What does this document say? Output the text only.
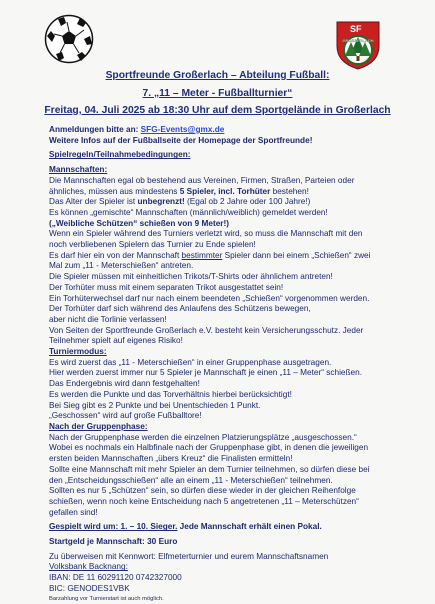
SF
GROSSERLACH
Sportfreunde Großerlach – Abteilung Fußball:
7. „11 – Meter - Fußballturnier“
Freitag, 04. Juli 2025 ab 18:30 Uhr auf dem Sportgelände in Großerlach

Anmeldungen bitte an: SFG-Events@gmx.de

Weitere Infos auf der Fußballseite der Homepage der Sportfreunde!

Spielregeln/Teilnahmebedingungen:

Mannschaften:

Die Mannschaften egal ob bestehend aus Vereinen, Firmen, Straßen, Parteien oder

ähnliches, müssen aus mindestens 5 Spieler, incl. Torhüter bestehen!

Das Alter der Spieler ist unbegrenzt! (Egal ob 2 Jahre oder 100 Jahre!)

Es können „gemischte“ Mannschaften (männlich/weiblich) gemeldet werden!

(„Weibliche Schützen“ schießen von 9 Meter!)

Wenn ein Spieler während des Turniers verletzt wird, so muss die Mannschaft mit den

noch verbliebenen Spielern das Turnier zu Ende spielen!

Es darf hier ein von der Mannschaft bestimmter Spieler dann bei einem „Schießen“ zwei

Mal zum „11 - Meterschießen“ antreten.

Die Spieler müssen mit einheitlichen Trikots/T-Shirts oder ähnlichem antreten!

Der Torhüter muss mit einem separaten Trikot ausgestattet sein!

Ein Torhüterwechsel darf nur nach einem beendeten „Schießen“ vorgenommen werden.

Der Torhüter darf sich während des Anlaufens des Schützens bewegen,

aber nicht die Torlinie verlassen!

Von Seiten der Sportfreunde Großerlach e.V. besteht kein Versicherungsschutz. Jeder

Teilnehmer spielt auf eigenes Risiko!

Turniermodus:

Es wird zuerst das „11 - Meterschießen“ in einer Gruppenphase ausgetragen.

Hier werden zuerst immer nur 5 Spieler je Mannschaft je einen „11 – Meter“ schießen.

Das Endergebnis wird dann festgehalten!

Es werden die Punkte und das Torverhältnis hierbei berücksichtigt!

Bei Sieg gibt es 2 Punkte und bei Unentschieden 1 Punkt.

„Geschossen“ wird auf große Fußballtore!

Nach der Gruppenphase:

Nach der Gruppenphase werden die einzelnen Platzierungsplätze „ausgeschossen.“

Wobei es nochmals ein Halbfinale nach der Gruppenphase gibt, in denen die jeweiligen

ersten beiden Mannschaften „übers Kreuz“ die Finalisten ermitteln!

Sollte eine Mannschaft mit mehr Spieler an dem Turnier teilnehmen, so dürfen diese bei

den „Entscheidungsschießen“ alle an einem „11 - Meterschießen“ teilnehmen.

Sollten es nur 5 „Schützen“ sein, so dürfen diese wieder in der gleichen Reihenfolge

schießen, wenn noch keine Entscheidung nach 5 angetretenen „11 – Meterschützen“

gefallen sind!

Gespielt wird um: 1. – 10. Sieger. Jede Mannschaft erhält einen Pokal.

Startgeld je Mannschaft: 30 Euro

Zu überweisen mit Kennwort: Elfmeterturnier und eurem Mannschaftsnamen

Volksbank Backnang:

IBAN: DE 11 60291120 0742327000

BIC: GENODES1VBK

Barzahlung vor Turnierstart ist auch möglich.
